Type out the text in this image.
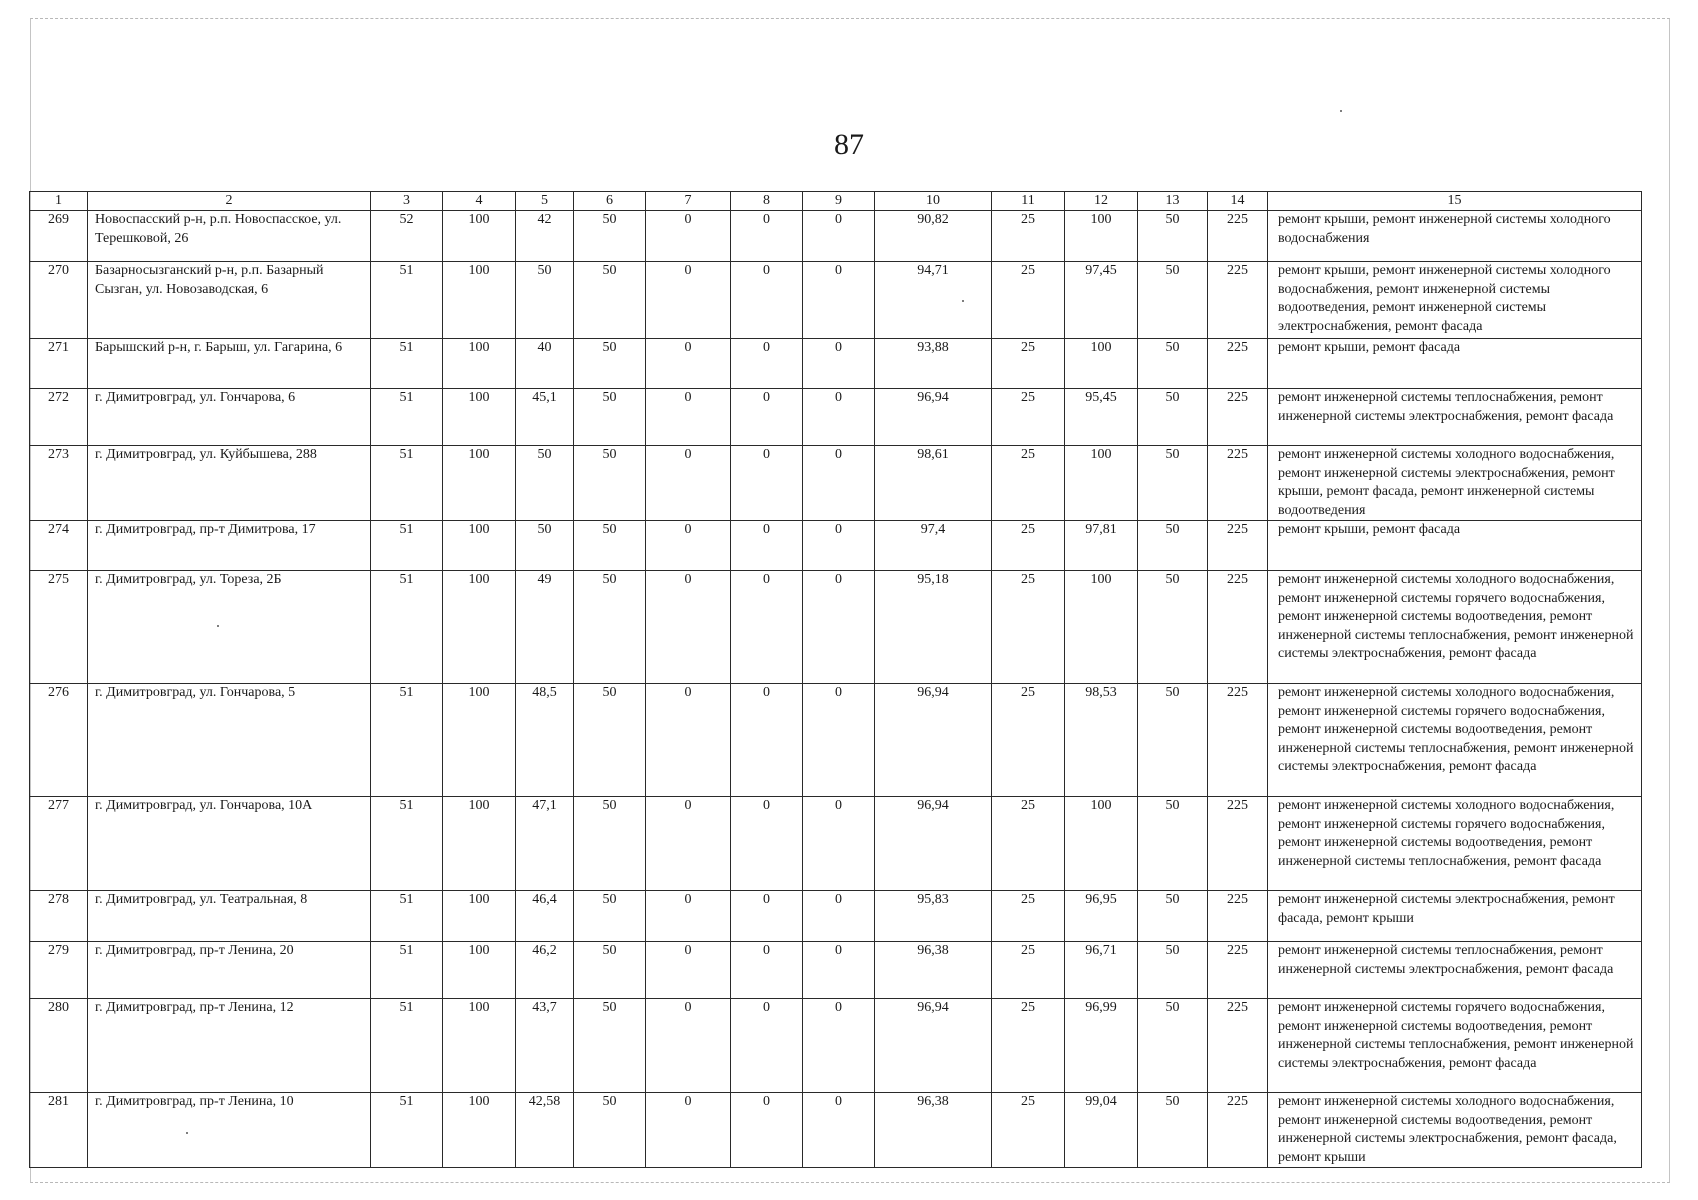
87
1	2	3	4	5	6	7	8	9	10	11	12	13	14	15
269	Новоспасский р-н, р.п. Новоспасское, ул. Терешковой, 26	52	100	42	50	0	0	0	90,82	25	100	50	225	ремонт крыши, ремонт инженерной системы холодного водоснабжения
270	Базарносызганский р-н, р.п. Базарный Сызган, ул. Новозаводская, 6	51	100	50	50	0	0	0	94,71	25	97,45	50	225	ремонт крыши, ремонт инженерной системы холодного водоснабжения, ремонт инженерной системы водоотведения, ремонт инженерной системы электроснабжения, ремонт фасада
271	Барышский р-н, г. Барыш, ул. Гагарина, 6	51	100	40	50	0	0	0	93,88	25	100	50	225	ремонт крыши, ремонт фасада
272	г. Димитровград, ул. Гончарова, 6	51	100	45,1	50	0	0	0	96,94	25	95,45	50	225	ремонт инженерной системы теплоснабжения, ремонт инженерной системы электроснабжения, ремонт фасада
273	г. Димитровград, ул. Куйбышева, 288	51	100	50	50	0	0	0	98,61	25	100	50	225	ремонт инженерной системы холодного водоснабжения, ремонт инженерной системы электроснабжения, ремонт крыши, ремонт фасада, ремонт инженерной системы водоотведения
274	г. Димитровград, пр-т Димитрова, 17	51	100	50	50	0	0	0	97,4	25	97,81	50	225	ремонт крыши, ремонт фасада
275	г. Димитровград, ул. Тореза, 2Б	51	100	49	50	0	0	0	95,18	25	100	50	225	ремонт инженерной системы холодного водоснабжения, ремонт инженерной системы горячего водоснабжения, ремонт инженерной системы водоотведения, ремонт инженерной системы теплоснабжения, ремонт инженерной системы электроснабжения, ремонт фасада
276	г. Димитровград, ул. Гончарова, 5	51	100	48,5	50	0	0	0	96,94	25	98,53	50	225	ремонт инженерной системы холодного водоснабжения, ремонт инженерной системы горячего водоснабжения, ремонт инженерной системы водоотведения, ремонт инженерной системы теплоснабжения, ремонт инженерной системы электроснабжения, ремонт фасада
277	г. Димитровград, ул. Гончарова, 10А	51	100	47,1	50	0	0	0	96,94	25	100	50	225	ремонт инженерной системы холодного водоснабжения, ремонт инженерной системы горячего водоснабжения, ремонт инженерной системы водоотведения, ремонт инженерной системы теплоснабжения, ремонт фасада
278	г. Димитровград, ул. Театральная, 8	51	100	46,4	50	0	0	0	95,83	25	96,95	50	225	ремонт инженерной системы электроснабжения, ремонт фасада, ремонт крыши
279	г. Димитровград, пр-т Ленина, 20	51	100	46,2	50	0	0	0	96,38	25	96,71	50	225	ремонт инженерной системы теплоснабжения, ремонт инженерной системы электроснабжения, ремонт фасада
280	г. Димитровград, пр-т Ленина, 12	51	100	43,7	50	0	0	0	96,94	25	96,99	50	225	ремонт инженерной системы горячего водоснабжения, ремонт инженерной системы водоотведения, ремонт инженерной системы теплоснабжения, ремонт инженерной системы электроснабжения, ремонт фасада
281	г. Димитровград, пр-т Ленина, 10	51	100	42,58	50	0	0	0	96,38	25	99,04	50	225	ремонт инженерной системы холодного водоснабжения, ремонт инженерной системы водоотведения, ремонт инженерной системы электроснабжения, ремонт фасада, ремонт крыши
